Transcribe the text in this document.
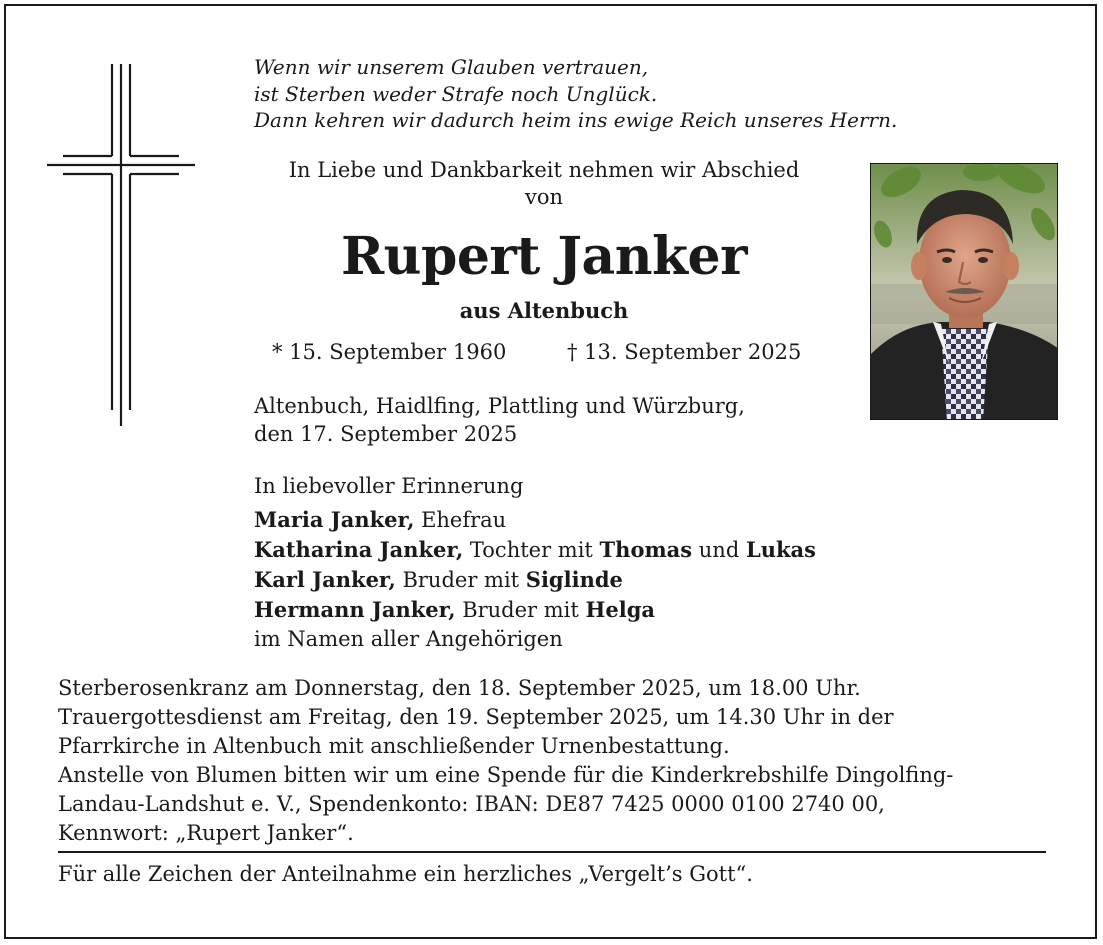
Wenn wir unserem Glauben vertrauen,
ist Sterben weder Strafe noch Unglück.
Dann kehren wir dadurch heim ins ewige Reich unseres Herrn.

In Liebe und Dankbarkeit nehmen wir Abschied
von
Rupert Janker
aus Altenbuch
* 15. September 1960	† 13. September 2025
Altenbuch, Haidlfing, Plattling und Würzburg,
den 17. September 2025
In liebevoller Erinnerung
Maria Janker, Ehefrau
Katharina Janker, Tochter mit Thomas und Lukas
Karl Janker, Bruder mit Siglinde
Hermann Janker, Bruder mit Helga
im Namen aller Angehörigen
Sterberosenkranz am Donnerstag, den 18. September 2025, um 18.00 Uhr.
Trauergottesdienst am Freitag, den 19. September 2025, um 14.30 Uhr in der
Pfarrkirche in Altenbuch mit anschließender Urnenbestattung.
Anstelle von Blumen bitten wir um eine Spende für die Kinderkrebshilfe Dingolfing-
Landau-Landshut e. V., Spendenkonto: IBAN: DE87 7425 0000 0100 2740 00,
Kennwort: „Rupert Janker“.
Für alle Zeichen der Anteilnahme ein herzliches „Vergelt’s Gott“.
